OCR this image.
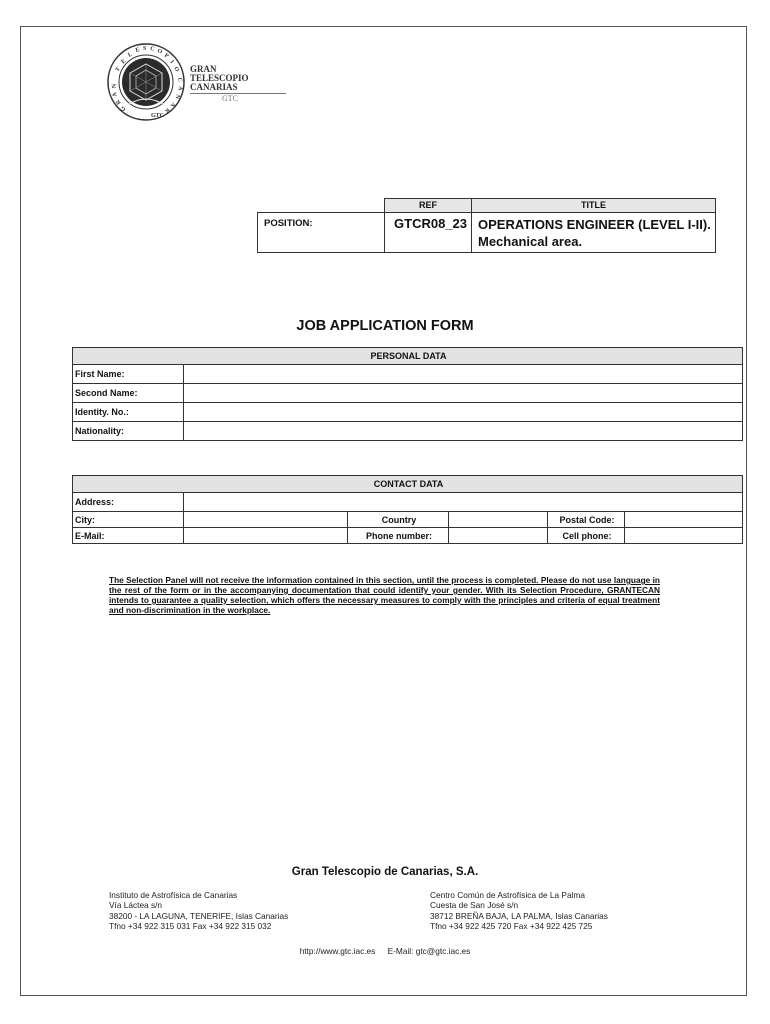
T
E
L
E S C O
P
I
O
C
A
N
A
R
GTC
N
A
R
G
GRAN
TELESCOPIO
CANARIAS
GTC
	REF	TITLE
POSITION:	GTCR08_23	OPERATIONS ENGINEER (LEVEL I-II).
Mechanical area.
JOB APPLICATION FORM
PERSONAL DATA	
First Name:	
Second Name:	
Identity. No.:	
Nationality:	
CONTACT DATA					
Address:					
City:		Country		Postal Code:	
E-Mail:		Phone number:		Cell phone:	
The Selection Panel will not receive the information contained in this section, until the process is completed. Please do not use language in the rest of the form or in the accompanying documentation that could identify your gender. With its Selection Procedure, GRANTECAN intends to guarantee a quality selection, which offers the necessary measures to comply with the principles and criteria of equal treatment and non-discrimination in the workplace.
Gran Telescopio de Canarias, S.A.
Instituto de Astrofísica de Canarias
Vía Láctea s/n
38200 - LA LAGUNA, TENERIFE, Islas Canarias
Tfno +34 922 315 031 Fax +34 922 315 032
Centro Común de Astrofísica de La Palma
Cuesta de San José s/n
38712 BREÑA BAJA, LA PALMA, Islas Canarias
Tfno +34 922 425 720 Fax +34 922 425 725
http://www.gtc.iac.es E-Mail: gtc@gtc.iac.es
